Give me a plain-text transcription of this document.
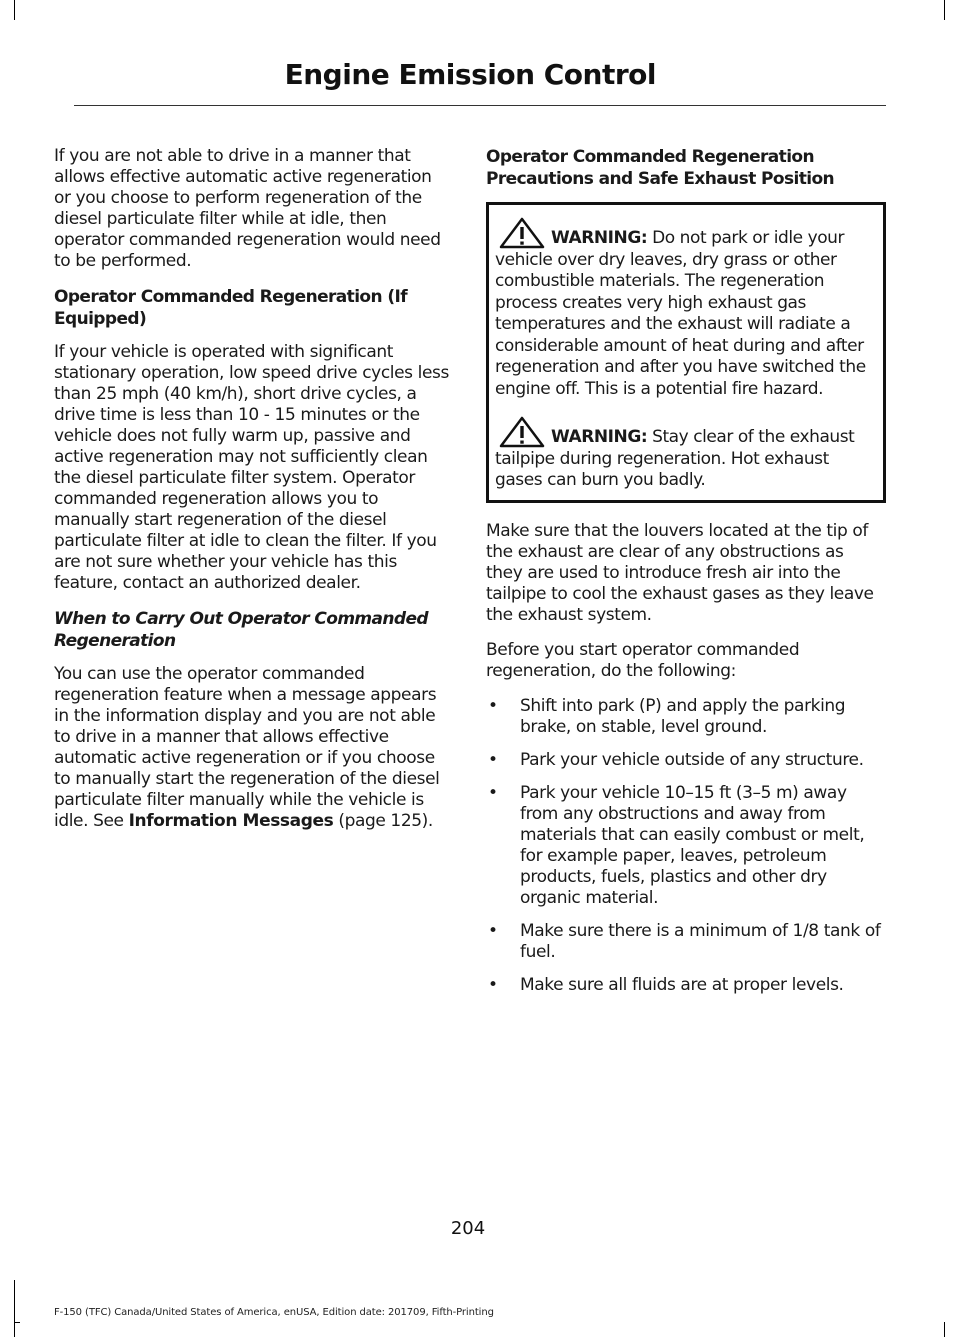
Engine Emission Control

If you are not able to drive in a manner that allows effective automatic active regeneration or you choose to perform regeneration of the diesel particulate filter while at idle, then operator commanded regeneration would need to be performed.

Operator Commanded Regeneration (If Equipped)

If your vehicle is operated with significant stationary operation, low speed drive cycles less than 25 mph (40 km/h), short drive cycles, a drive time is less than 10 - 15 minutes or the vehicle does not fully warm up, passive and active regeneration may not sufficiently clean the diesel particulate filter system. Operator commanded regeneration allows you to manually start regeneration of the diesel particulate filter at idle to clean the filter. If you are not sure whether your vehicle has this feature, contact an authorized dealer.

When to Carry Out Operator Commanded Regeneration

You can use the operator commanded regeneration feature when a message appears in the information display and you are not able to drive in a manner that allows effective automatic active regeneration or if you choose to manually start the regeneration of the diesel particulate filter manually while the vehicle is idle. See Information Messages (page 125).

Operator Commanded Regeneration Precautions and Safe Exhaust Position

WARNING: Do not park or idle your vehicle over dry leaves, dry grass or other combustible materials. The regeneration process creates very high exhaust gas temperatures and the exhaust will radiate a considerable amount of heat during and after regeneration and after you have switched the engine off. This is a potential fire hazard.

WARNING: Stay clear of the exhaust tailpipe during regeneration. Hot exhaust gases can burn you badly.

Make sure that the louvers located at the tip of the exhaust are clear of any obstructions as they are used to introduce fresh air into the tailpipe to cool the exhaust gases as they leave the exhaust system.

Before you start operator commanded regeneration, do the following:

• Shift into park (P) and apply the parking brake, on stable, level ground.
• Park your vehicle outside of any structure.
• Park your vehicle 10–15 ft (3–5 m) away from any obstructions and away from materials that can easily combust or melt, for example paper, leaves, petroleum products, fuels, plastics and other dry organic material.
• Make sure there is a minimum of 1/8 tank of fuel.
• Make sure all fluids are at proper levels.
204
F-150 (TFC) Canada/United States of America, enUSA, Edition date: 201709, Fifth-Printing
